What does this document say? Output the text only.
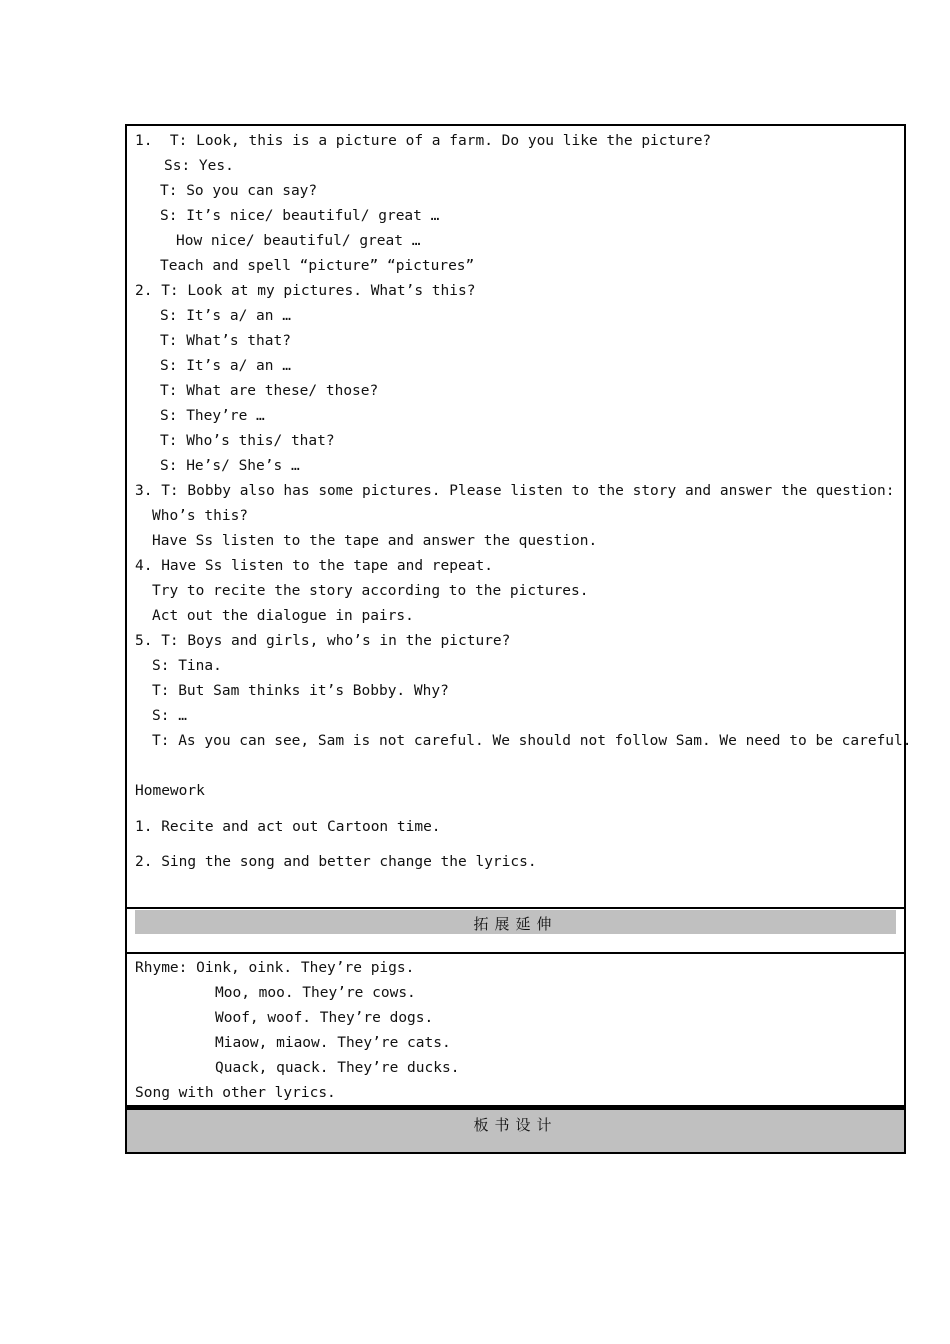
1.  T: Look, this is a picture of a farm. Do you like the picture?
Ss: Yes.
T: So you can say?
S: It’s nice/ beautiful/ great …
How nice/ beautiful/ great …
Teach and spell “picture” “pictures”
2. T: Look at my pictures. What’s this?
S: It’s a/ an …
T: What’s that?
S: It’s a/ an …
T: What are these/ those?
S: They’re …
T: Who’s this/ that?
S: He’s/ She’s …
3. T: Bobby also has some pictures. Please listen to the story and answer the question:
Who’s this?
Have Ss listen to the tape and answer the question.
4. Have Ss listen to the tape and repeat.
Try to recite the story according to the pictures.
Act out the dialogue in pairs.
5. T: Boys and girls, who’s in the picture?
S: Tina.
T: But Sam thinks it’s Bobby. Why?
S: …
T: As you can see, Sam is not careful. We should not follow Sam. We need to be careful.
Homework
1. Recite and act out Cartoon time.
2. Sing the song and better change the lyrics.
拓展延伸
Rhyme: Oink, oink. They’re pigs.
Moo, moo. They’re cows.
Woof, woof. They’re dogs.
Miaow, miaow. They’re cats.
Quack, quack. They’re ducks.
Song with other lyrics.
板书设计
